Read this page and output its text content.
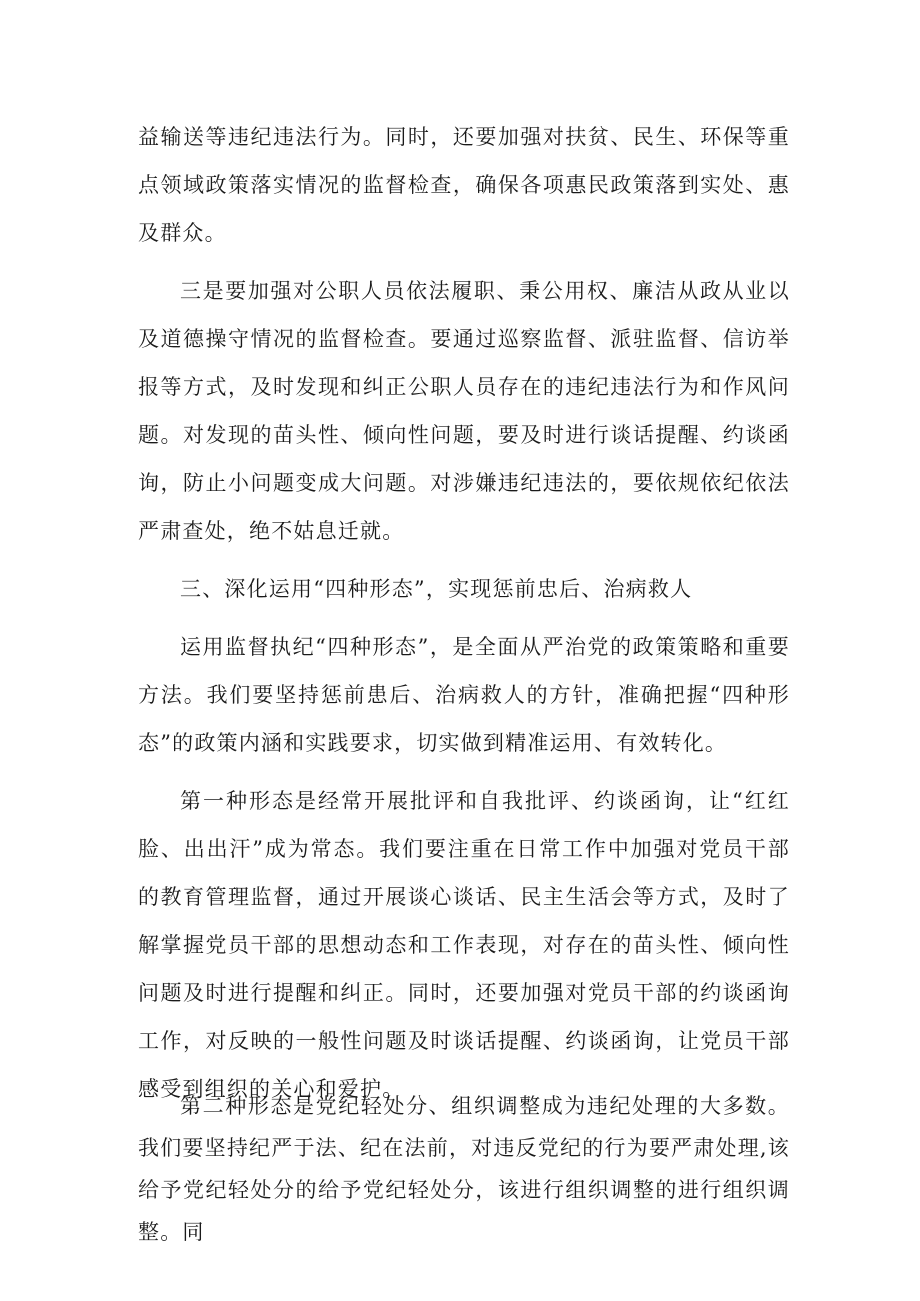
益输送等违纪违法行为。同时，还要加强对扶贫、民生、环保等重点领域政策落实情况的监督检查，确保各项惠民政策落到实处、惠及群众。

三是要加强对公职人员依法履职、秉公用权、廉洁从政从业以及道德操守情况的监督检查。要通过巡察监督、派驻监督、信访举报等方式，及时发现和纠正公职人员存在的违纪违法行为和作风问题。对发现的苗头性、倾向性问题，要及时进行谈话提醒、约谈函询，防止小问题变成大问题。对涉嫌违纪违法的，要依规依纪依法严肃查处，绝不姑息迁就。

三、深化运用“四种形态”，实现惩前忠后、治病救人

运用监督执纪“四种形态”，是全面从严治党的政策策略和重要方法。我们要坚持惩前患后、治病救人的方针，准确把握“四种形态”的政策内涵和实践要求，切实做到精准运用、有效转化。

第一种形态是经常开展批评和自我批评、约谈函询，让“红红脸、出出汗”成为常态。我们要注重在日常工作中加强对党员干部的教育管理监督，通过开展谈心谈话、民主生活会等方式，及时了解掌握党员干部的思想动态和工作表现，对存在的苗头性、倾向性问题及时进行提醒和纠正。同时，还要加强对党员干部的约谈函询工作，对反映的一般性问题及时谈话提醒、约谈函询，让党员干部感受到组织的关心和爱护。

第二种形态是党纪轻处分、组织调整成为违纪处理的大多数。我们要坚持纪严于法、纪在法前，对违反党纪的行为要严肃处理,该给予党纪轻处分的给予党纪轻处分，该进行组织调整的进行组织调整。同
